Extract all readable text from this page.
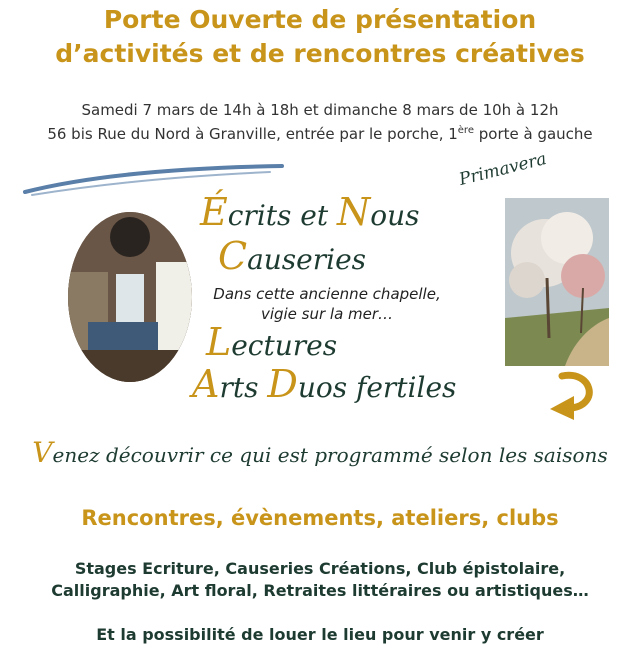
Porte Ouverte de présentation
d’activités et de rencontres créatives
Samedi 7 mars de 14h à 18h et dimanche 8 mars de 10h à 12h
56 bis Rue du Nord à Granville, entrée par le porche, 1ère porte à gauche
Écrits et Nous
Causeries
Dans cette ancienne chapelle,
vigie sur la mer…
Lectures
Arts Duos fertiles
Primavera
Venez découvrir ce qui est programmé selon les saisons
Rencontres, évènements, ateliers, clubs
Stages Ecriture, Causeries Créations, Club épistolaire,
Calligraphie, Art floral, Retraites littéraires ou artistiques…
Et la possibilité de louer le lieu pour venir y créer
